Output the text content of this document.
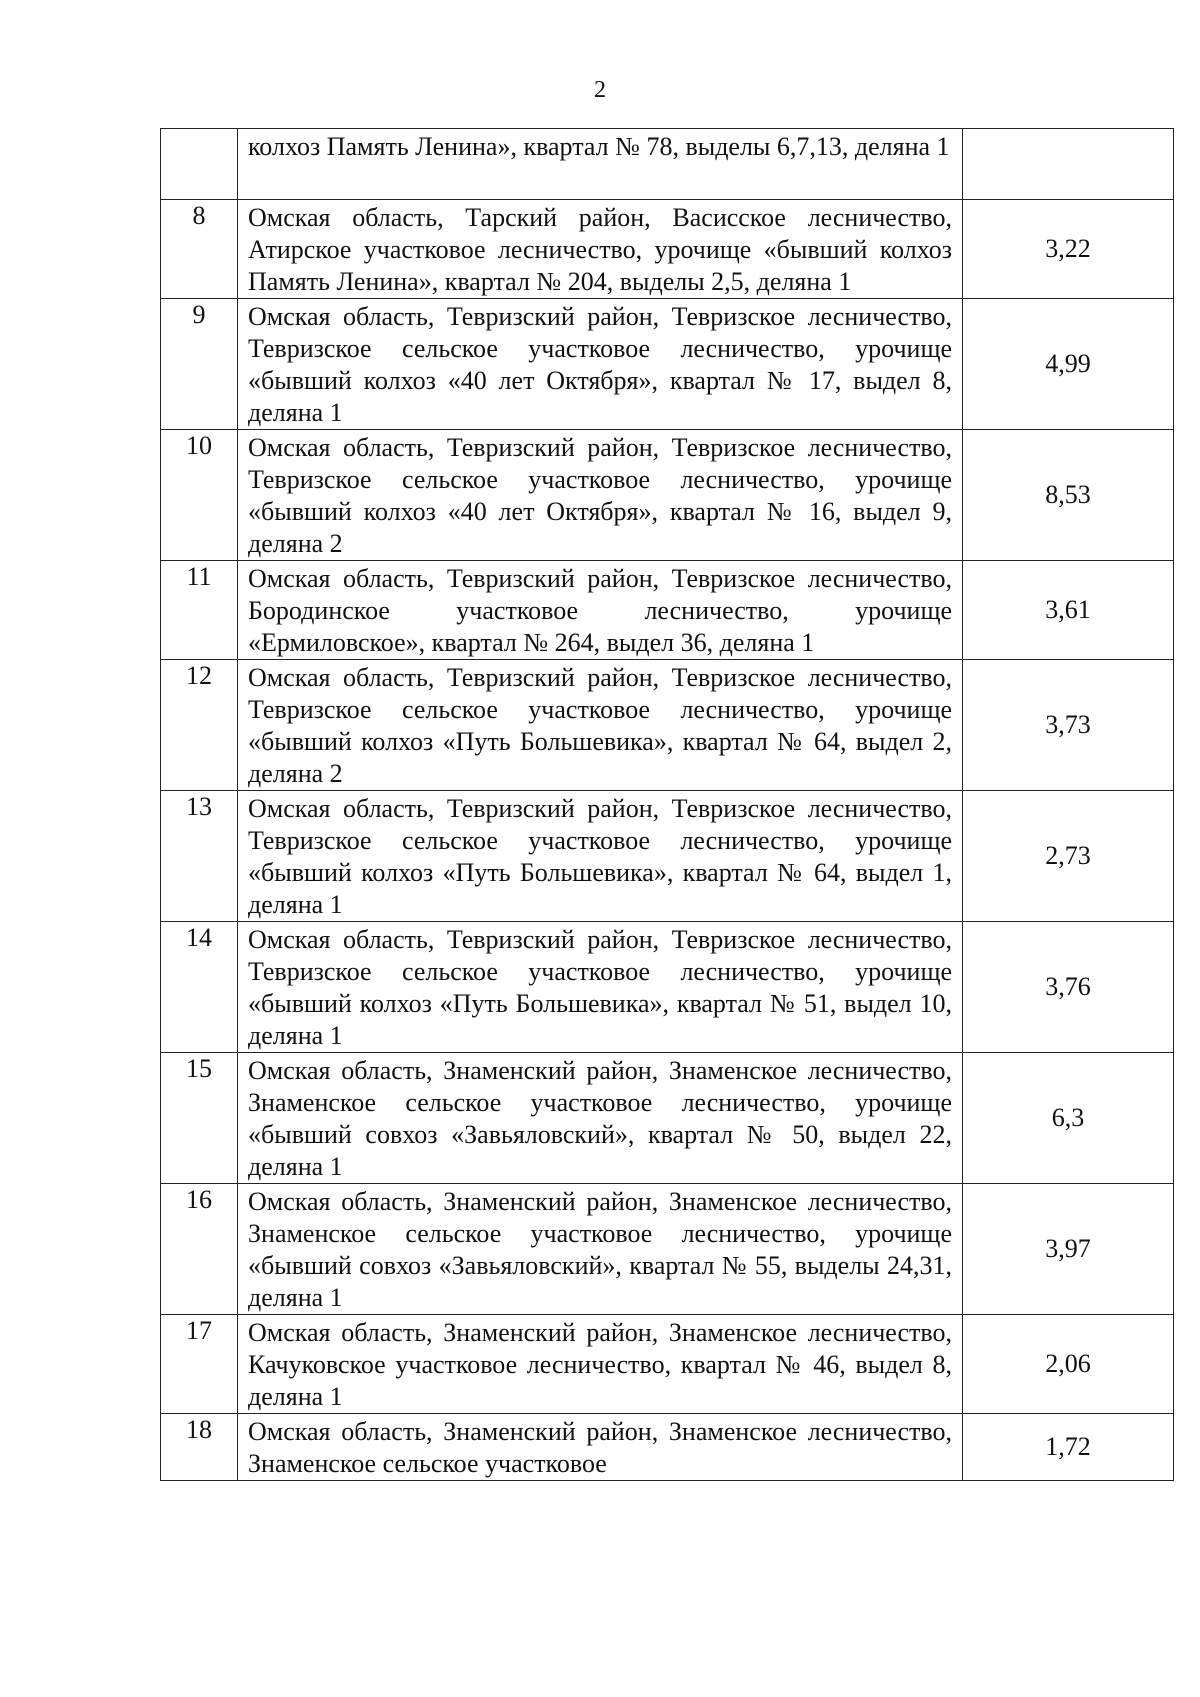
2
	колхоз Память Ленина», квартал № 78, выделы 6,7,13, деляна 1	
8	Омская область, Тарский район, Васисское лесничество, Атирское участковое лесничество, урочище «бывший колхоз Память Ленина», квартал № 204, выделы 2,5, деляна 1	3,22
9	Омская область, Тевризский район, Тевризское лесничество, Тевризское сельское участковое лесничество, урочище «бывший колхоз «40 лет Октября», квартал № 17, выдел 8, деляна 1	4,99
10	Омская область, Тевризский район, Тевризское лесничество, Тевризское сельское участковое лесничество, урочище «бывший колхоз «40 лет Октября», квартал № 16, выдел 9, деляна 2	8,53
11	Омская область, Тевризский район, Тевризское лесничество, Бородинское участковое лесничество, урочище «Ермиловское», квартал № 264, выдел 36, деляна 1	3,61
12	Омская область, Тевризский район, Тевризское лесничество, Тевризское сельское участковое лесничество, урочище «бывший колхоз «Путь Большевика», квартал № 64, выдел 2, деляна 2	3,73
13	Омская область, Тевризский район, Тевризское лесничество, Тевризское сельское участковое лесничество, урочище «бывший колхоз «Путь Большевика», квартал № 64, выдел 1, деляна 1	2,73
14	Омская область, Тевризский район, Тевризское лесничество, Тевризское сельское участковое лесничество, урочище «бывший колхоз «Путь Большевика», квартал № 51, выдел 10, деляна 1	3,76
15	Омская область, Знаменский район, Знаменское лесничество, Знаменское сельское участковое лесничество, урочище «бывший совхоз «Завьяловский», квартал № 50, выдел 22, деляна 1	6,3
16	Омская область, Знаменский район, Знаменское лесничество, Знаменское сельское участковое лесничество, урочище «бывший совхоз «Завьяловский», квартал № 55, выделы 24,31, деляна 1	3,97
17	Омская область, Знаменский район, Знаменское лесничество, Качуковское участковое лесничество, квартал № 46, выдел 8, деляна 1	2,06
18	Омская область, Знаменский район, Знаменское лесничество, Знаменское сельское участковое	1,72
